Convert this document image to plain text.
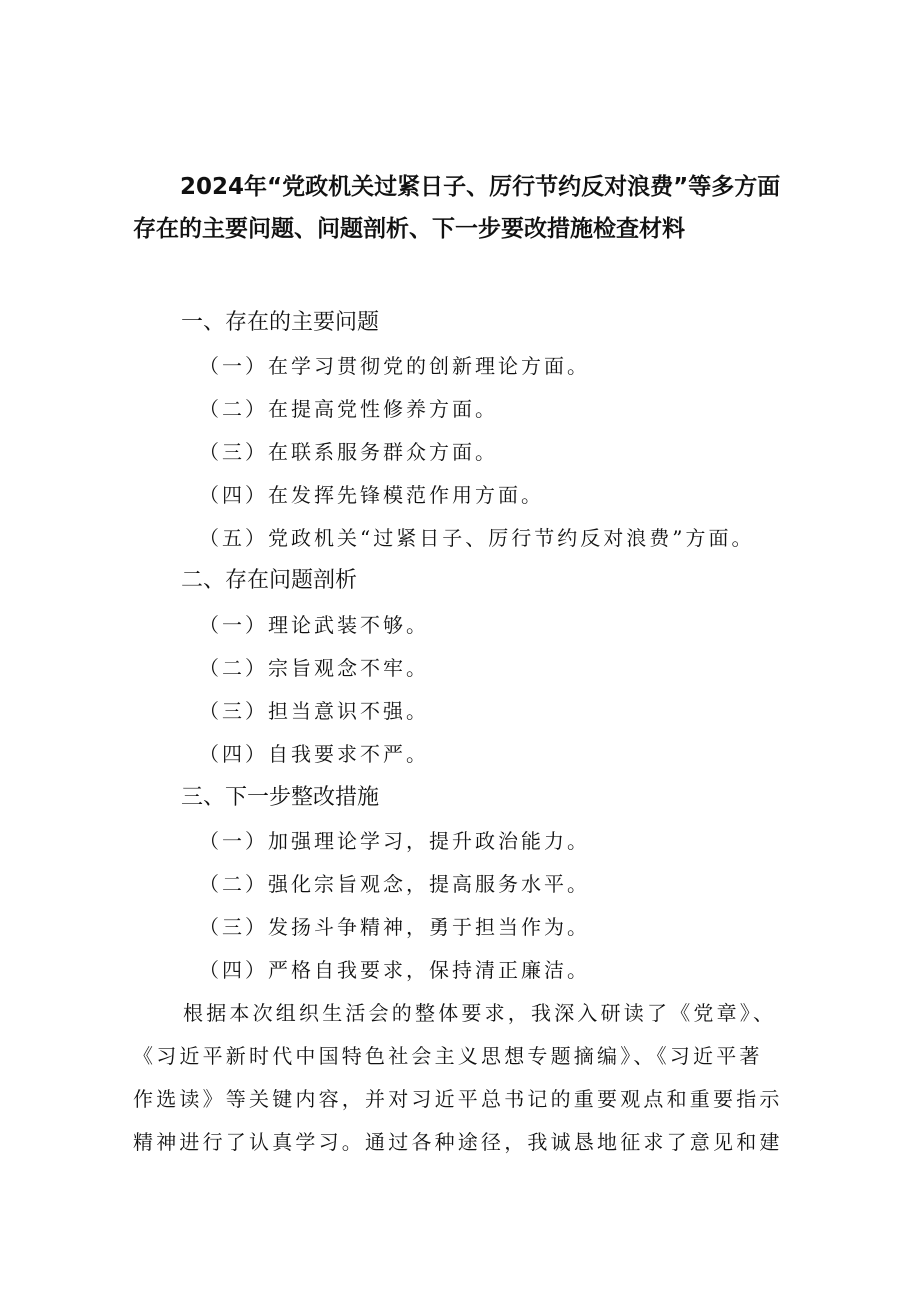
2024年“党政机关过紧日子、厉行节约反对浪费”等多方面
存在的主要问题、问题剖析、下一步要改措施检查材料
一、存在的主要问题
（一）在学习贯彻党的创新理论方面。
（二）在提高党性修养方面。
（三）在联系服务群众方面。
（四）在发挥先锋模范作用方面。
（五）党政机关“过紧日子、厉行节约反对浪费”方面。
二、存在问题剖析
（一）理论武装不够。
（二）宗旨观念不牢。
（三）担当意识不强。
（四）自我要求不严。
三、下一步整改措施
（一）加强理论学习，提升政治能力。
（二）强化宗旨观念，提高服务水平。
（三）发扬斗争精神，勇于担当作为。
（四）严格自我要求，保持清正廉洁。
根据本次组织生活会的整体要求，我深入研读了《党章》、
《习近平新时代中国特色社会主义思想专题摘编》、《习近平著
作选读》等关键内容，并对习近平总书记的重要观点和重要指示
精神进行了认真学习。通过各种途径，我诚恳地征求了意见和建
